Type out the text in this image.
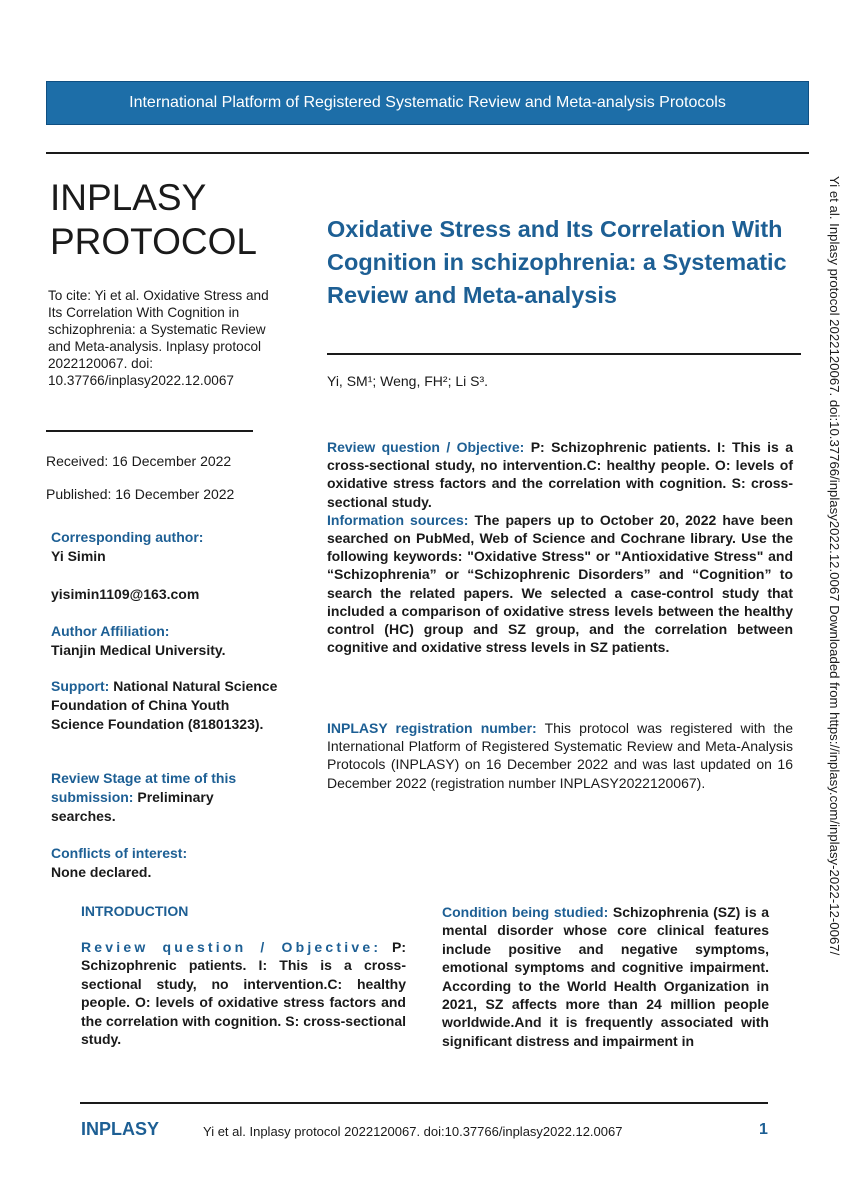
International Platform of Registered Systematic Review and Meta-analysis Protocols
INPLASY
PROTOCOL
To cite: Yi et al. Oxidative Stress and Its Correlation With Cognition in schizophrenia: a Systematic Review and Meta-analysis. Inplasy protocol 2022120067. doi: 10.37766/inplasy2022.12.0067
Received: 16 December 2022
Published: 16 December 2022
Corresponding author:
Yi Simin
yisimin1109@163.com
Author Affiliation:
Tianjin Medical University.
Support: National Natural Science Foundation of China Youth Science Foundation (81801323).
Review Stage at time of this submission: Preliminary searches.
Conflicts of interest:
None declared.
Oxidative Stress and Its Correlation With Cognition in schizophrenia: a Systematic Review and Meta-analysis
Yi, SM¹; Weng, FH²; Li S³.
Review question / Objective: P: Schizophrenic patients. I: This is a cross-sectional study, no intervention.C: healthy people. O: levels of oxidative stress factors and the correlation with cognition. S: cross-sectional study.
Information sources: The papers up to October 20, 2022 have been searched on PubMed, Web of Science and Cochrane library. Use the following keywords: "Oxidative Stress" or "Antioxidative Stress" and “Schizophrenia” or “Schizophrenic Disorders” and “Cognition” to search the related papers. We selected a case-control study that included a comparison of oxidative stress levels between the healthy control (HC) group and SZ group, and the correlation between cognitive and oxidative stress levels in SZ patients.
INPLASY registration number: This protocol was registered with the International Platform of Registered Systematic Review and Meta-Analysis Protocols (INPLASY) on 16 December 2022 and was last updated on 16 December 2022 (registration number INPLASY2022120067).
INTRODUCTION
Review question / Objective: P: Schizophrenic patients. I: This is a cross-sectional study, no intervention.C: healthy people. O: levels of oxidative stress factors and the correlation with cognition. S: cross-sectional study.
Condition being studied: Schizophrenia (SZ) is a mental disorder whose core clinical features include positive and negative symptoms, emotional symptoms and cognitive impairment. According to the World Health Organization in 2021, SZ affects more than 24 million people worldwide.And it is frequently associated with significant distress and impairment in
INPLASY	Yi et al. Inplasy protocol 2022120067. doi:10.37766/inplasy2022.12.0067	1
Yi et al. Inplasy protocol 2022120067. doi:10.37766/inplasy2022.12.0067 Downloaded from https://inplasy.com/inplasy-2022-12-0067/
